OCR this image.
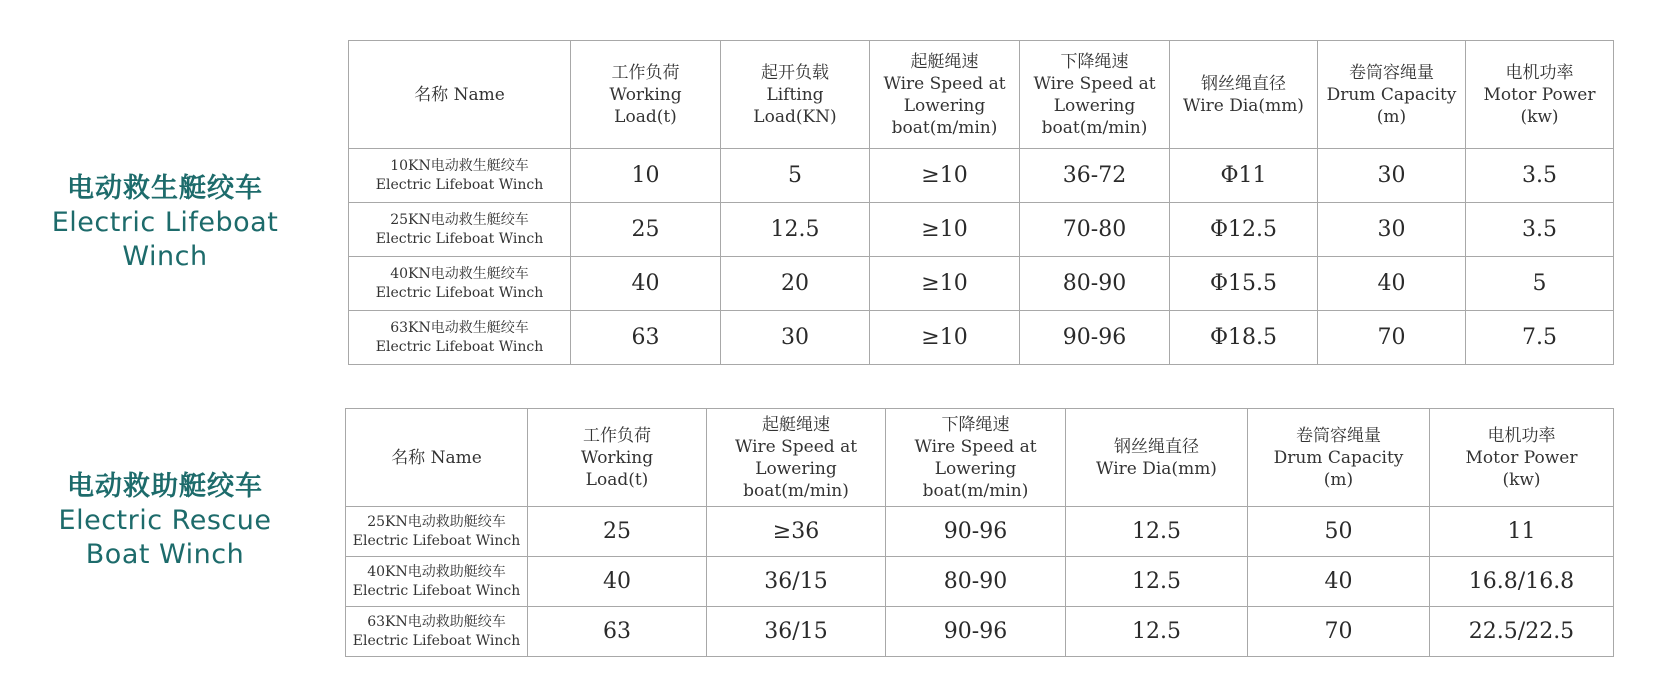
电动救生艇绞车
Electric Lifeboat
Winch
名称 Name	工作负荷
Working
Load(t)	起开负载
Lifting
Load(KN)	起艇绳速
Wire Speed at
Lowering
boat(m/min)	下降绳速
Wire Speed at
Lowering
boat(m/min)	钢丝绳直径
Wire Dia(mm)	卷筒容绳量
Drum Capacity
(m)	电机功率
Motor Power
(kw)

10KN电动救生艇绞车
Electric Lifeboat Winch	10	5	≥10	36-72	Φ11	30	3.5

25KN电动救生艇绞车
Electric Lifeboat Winch	25	12.5	≥10	70-80	Φ12.5	30	3.5

40KN电动救生艇绞车
Electric Lifeboat Winch	40	20	≥10	80-90	Φ15.5	40	5

63KN电动救生艇绞车
Electric Lifeboat Winch	63	30	≥10	90-96	Φ18.5	70	7.5
电动救助艇绞车
Electric Rescue
Boat Winch
名称 Name	工作负荷
Working
Load(t)	起艇绳速
Wire Speed at
Lowering
boat(m/min)	下降绳速
Wire Speed at
Lowering
boat(m/min)	钢丝绳直径
Wire Dia(mm)	卷筒容绳量
Drum Capacity
(m)	电机功率
Motor Power
(kw)

25KN电动救助艇绞车
Electric Lifeboat Winch	25	≥36	90-96	12.5	50	11

40KN电动救助艇绞车
Electric Lifeboat Winch	40	36/15	80-90	12.5	40	16.8/16.8

63KN电动救助艇绞车
Electric Lifeboat Winch	63	36/15	90-96	12.5	70	22.5/22.5
